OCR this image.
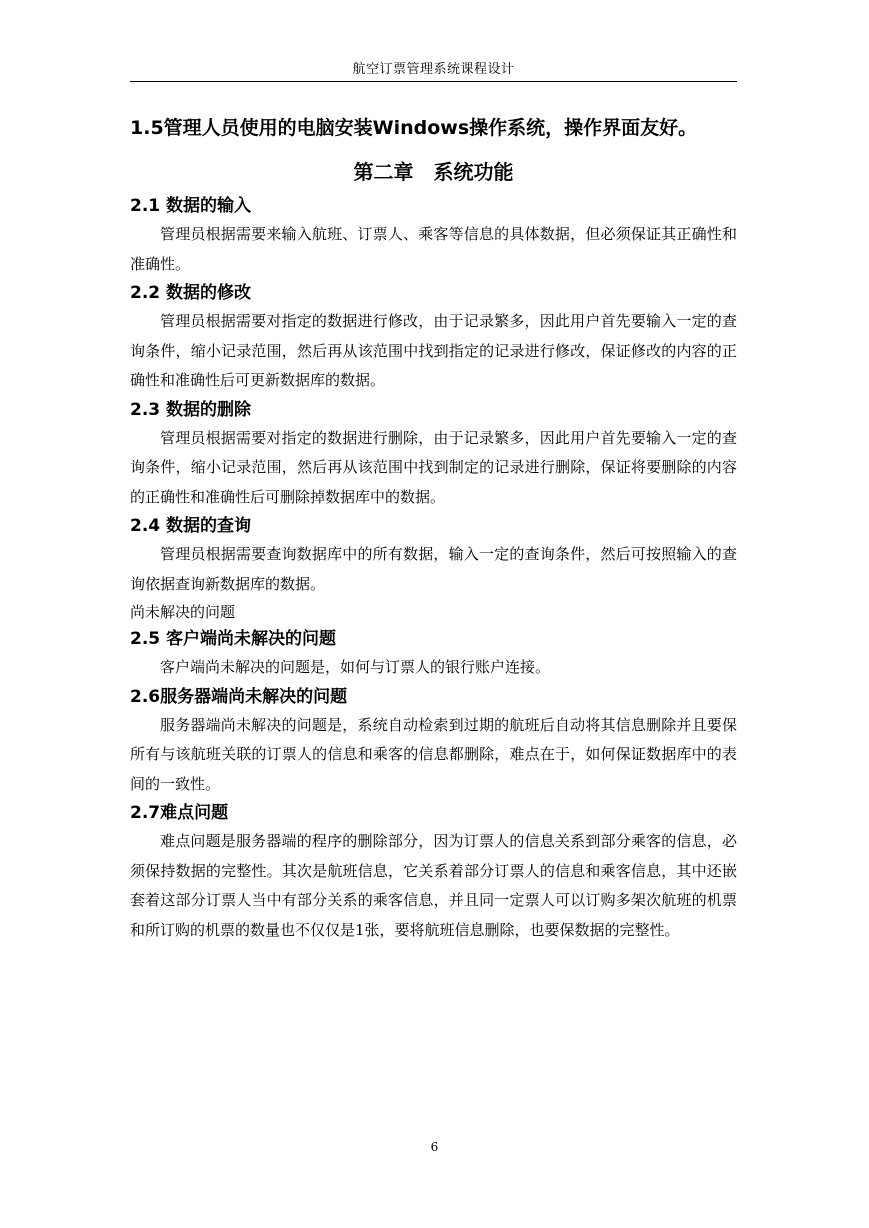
航空订票管理系统课程设计

1.5管理人员使用的电脑安装Windows操作系统，操作界面友好。

第二章　系统功能

2.1 数据的输入

管理员根据需要来输入航班、订票人、乘客等信息的具体数据，但必须保证其正确性和准确性。

2.2 数据的修改

管理员根据需要对指定的数据进行修改，由于记录繁多，因此用户首先要输入一定的查询条件，缩小记录范围，然后再从该范围中找到指定的记录进行修改，保证修改的内容的正确性和准确性后可更新数据库的数据。

2.3 数据的删除

管理员根据需要对指定的数据进行删除，由于记录繁多，因此用户首先要输入一定的查询条件，缩小记录范围，然后再从该范围中找到制定的记录进行删除，保证将要删除的内容的正确性和准确性后可删除掉数据库中的数据。

2.4 数据的查询

管理员根据需要查询数据库中的所有数据，输入一定的查询条件，然后可按照输入的查询依据查询新数据库的数据。

尚未解决的问题

2.5 客户端尚未解决的问题

客户端尚未解决的问题是，如何与订票人的银行账户连接。

2.6服务器端尚未解决的问题

服务器端尚未解决的问题是，系统自动检索到过期的航班后自动将其信息删除并且要保所有与该航班关联的订票人的信息和乘客的信息都删除，难点在于，如何保证数据库中的表间的一致性。

2.7难点问题

难点问题是服务器端的程序的删除部分，因为订票人的信息关系到部分乘客的信息，必须保持数据的完整性。其次是航班信息，它关系着部分订票人的信息和乘客信息，其中还嵌套着这部分订票人当中有部分关系的乘客信息，并且同一定票人可以订购多架次航班的机票和所订购的机票的数量也不仅仅是1张，要将航班信息删除，也要保数据的完整性。

6
